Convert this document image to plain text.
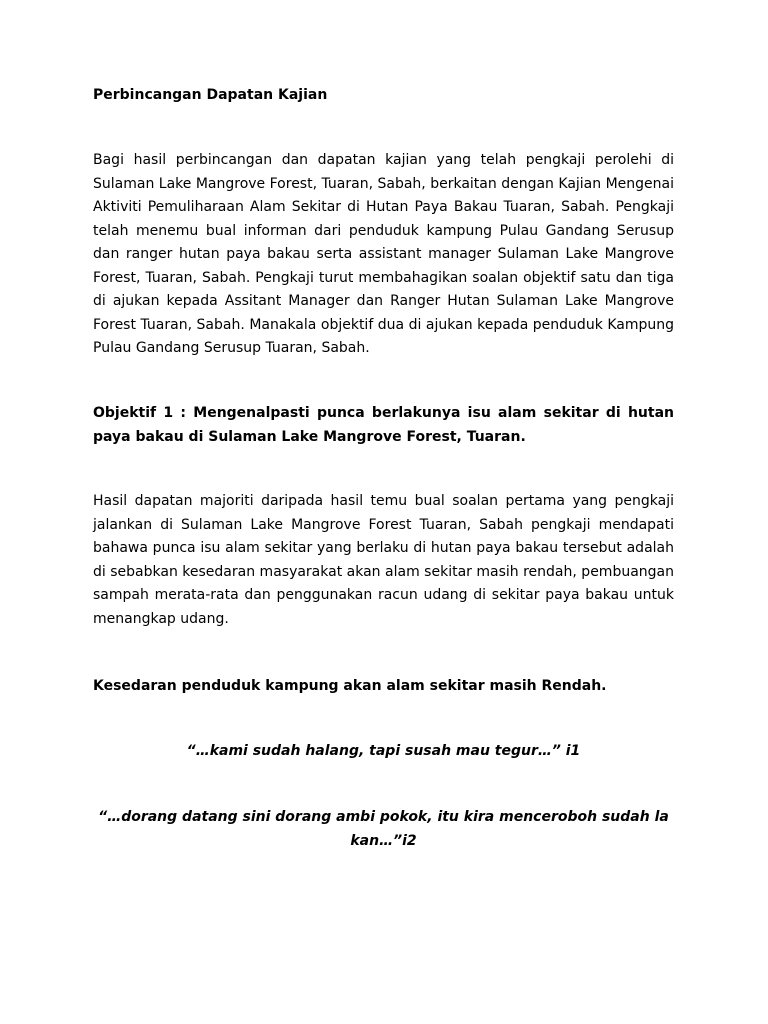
Perbincangan Dapatan Kajian

Bagi hasil perbincangan dan dapatan kajian yang telah pengkaji perolehi di Sulaman Lake Mangrove Forest, Tuaran, Sabah, berkaitan dengan Kajian Mengenai Aktiviti Pemuliharaan Alam Sekitar di Hutan Paya Bakau Tuaran, Sabah. Pengkaji telah menemu bual informan dari penduduk kampung Pulau Gandang Serusup dan ranger hutan paya bakau serta assistant manager Sulaman Lake Mangrove Forest, Tuaran, Sabah. Pengkaji turut membahagikan soalan objektif satu dan tiga di ajukan kepada Assitant Manager dan Ranger Hutan Sulaman Lake Mangrove Forest Tuaran, Sabah. Manakala objektif dua di ajukan kepada penduduk Kampung Pulau Gandang Serusup Tuaran, Sabah.

Objektif 1 : Mengenalpasti punca berlakunya isu alam sekitar di hutan paya bakau di Sulaman Lake Mangrove Forest, Tuaran.

Hasil dapatan majoriti daripada hasil temu bual soalan pertama yang pengkaji jalankan di Sulaman Lake Mangrove Forest Tuaran, Sabah pengkaji mendapati bahawa punca isu alam sekitar yang berlaku di hutan paya bakau tersebut adalah di sebabkan kesedaran masyarakat akan alam sekitar masih rendah, pembuangan sampah merata-rata dan penggunakan racun udang di sekitar paya bakau untuk menangkap udang.

Kesedaran penduduk kampung akan alam sekitar masih Rendah.

“…kami sudah halang, tapi susah mau tegur…” i1

“…dorang datang sini dorang ambi pokok, itu kira menceroboh sudah la kan…”i2
